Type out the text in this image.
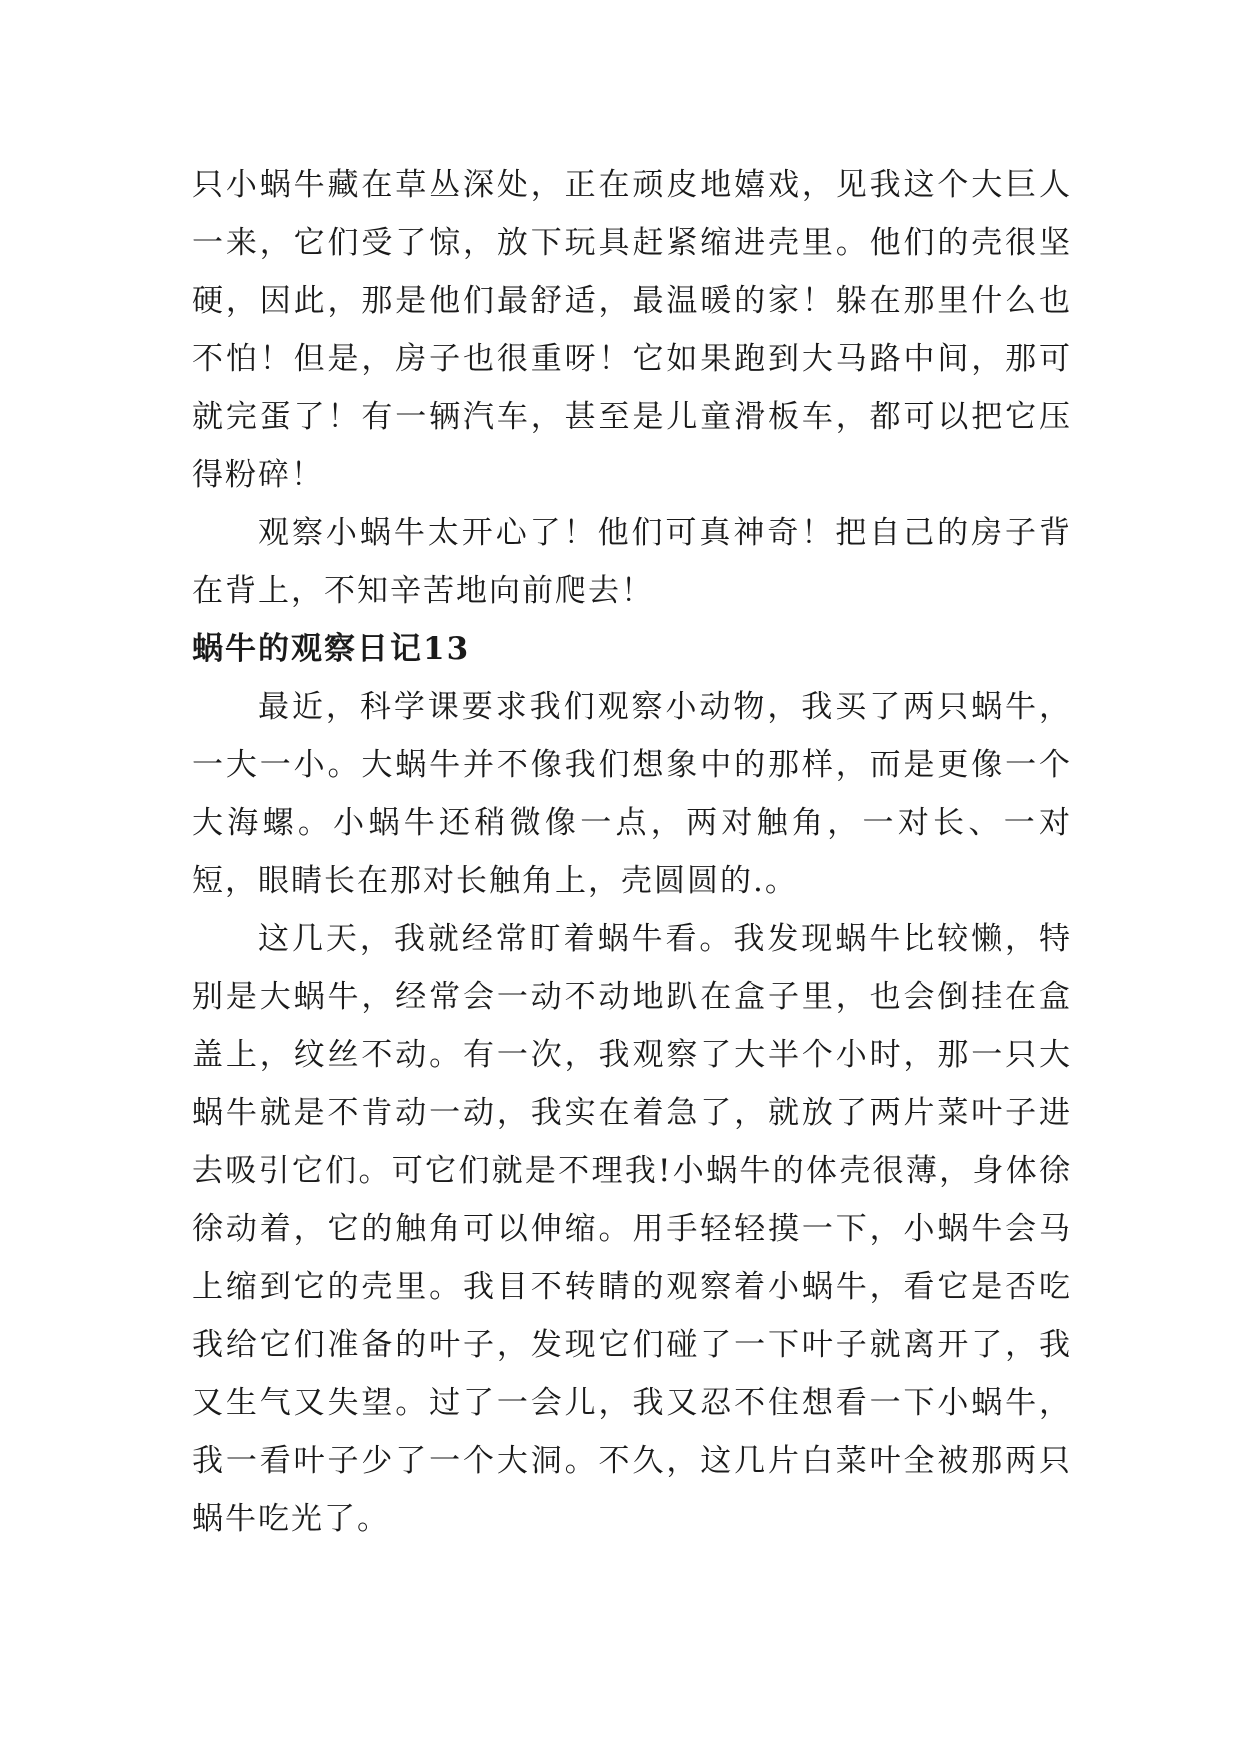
只小蜗牛藏在草丛深处，正在顽皮地嬉戏，见我这个大巨人一来，它们受了惊，放下玩具赶紧缩进壳里。他们的壳很坚硬，因此，那是他们最舒适，最温暖的家！躲在那里什么也不怕！但是，房子也很重呀！它如果跑到大马路中间，那可就完蛋了！有一辆汽车，甚至是儿童滑板车，都可以把它压得粉碎！

观察小蜗牛太开心了！他们可真神奇！把自己的房子背在背上，不知辛苦地向前爬去！

蜗牛的观察日记13

最近，科学课要求我们观察小动物，我买了两只蜗牛，一大一小。大蜗牛并不像我们想象中的那样，而是更像一个大海螺。小蜗牛还稍微像一点，两对触角，一对长、一对短，眼睛长在那对长触角上，壳圆圆的.。

这几天，我就经常盯着蜗牛看。我发现蜗牛比较懒，特别是大蜗牛，经常会一动不动地趴在盒子里，也会倒挂在盒盖上，纹丝不动。有一次，我观察了大半个小时，那一只大蜗牛就是不肯动一动，我实在着急了，就放了两片菜叶子进去吸引它们。可它们就是不理我!小蜗牛的体壳很薄，身体徐徐动着，它的触角可以伸缩。用手轻轻摸一下，小蜗牛会马上缩到它的壳里。我目不转睛的观察着小蜗牛，看它是否吃我给它们准备的叶子，发现它们碰了一下叶子就离开了，我又生气又失望。过了一会儿，我又忍不住想看一下小蜗牛，我一看叶子少了一个大洞。不久，这几片白菜叶全被那两只蜗牛吃光了。
